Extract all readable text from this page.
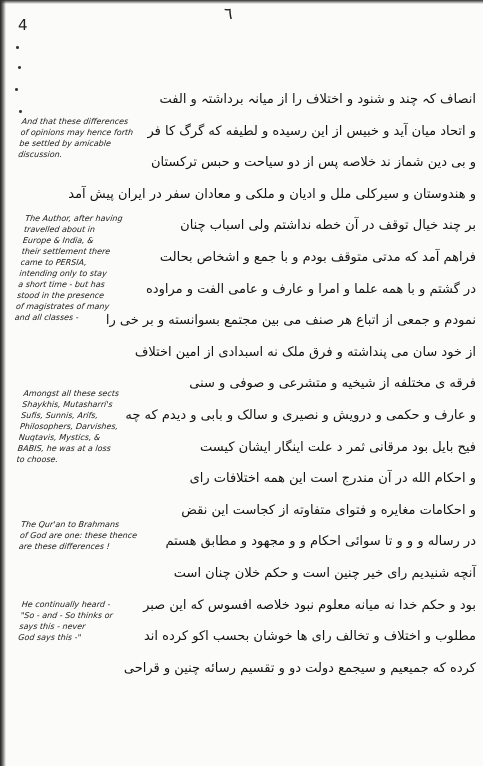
4
٦
And that these differences
of opinions may hence forth
be settled by amicable
discussion.
The Author, after having
travelled about in
Europe & India, &
their settlement there
came to PERSIA,
intending only to stay
a short time - but has
stood in the presence
of magistrates of many
and all classes -
Amongst all these sects
Shaykhis, Mutasharri's
Sufis, Sunnis, Arifs,
Philosophers, Darvishes,
Nuqtavis, Mystics, &
BABIS, he was at a loss
to choose.
The Qur'an to Brahmans
of God are one: these thence
are these differences !
He continually heard -
"So - and - So thinks or
says this - never
God says this -"
انصاف کہ چند و شنود و اختلاف را از میانہ برداشتہ و الفت
و اتحاد میان آید و خبیس از این رسیده و لطیفه که گرگ کا فر
و بی دین شماز ند خلاصه پس از دو سیاحت و حبس ترکستان
و هندوستان و سیرکلی ملل و ادیان و ملکی و معادان سفر در ایران پیش آمد
بر چند خیال توقف در آن خطه نداشتم ولی اسباب چنان
فراهم آمد که مدتی متوقف بودم و با جمع و اشخاص بحالت
در گشتم و با همه علما و امرا و عارف و عامی الفت و مراوده
نمودم و جمعی از اتباع هر صنف می بین مجتمع بسوانسته و بر خی را
از خود سان می پنداشته و فرق ملک نه اسبدادی از امین اختلاف
فرقه ی مختلفه از شیخیه و متشرعی و صوفی و سنی
و عارف و حکمی و درویش و نصیری و سالک و بابی و دیدم که چه
فیح بایل بود مرقانی ثمر د علت اینگار ایشان کیست
و احکام الله در آن مندرج است این همه اختلافات رای
و احکامات مغایره و فتوای متفاوته از کجاست این نقض
در رساله و و و تا سوائی احکام و و مجهود و مطابق هستم
آنچه شنیدیم رای خیر چنین است و حکم خلان چنان است
بود و حکم خدا نه میانه معلوم نبود خلاصه افسوس که این صبر
مطلوب و اختلاف و تخالف رای ها خوشان بحسب اکو کرده اند
کرده که جمیعیم و سیجمع دولت دو و تقسیم رسائه چنین و قراحی
